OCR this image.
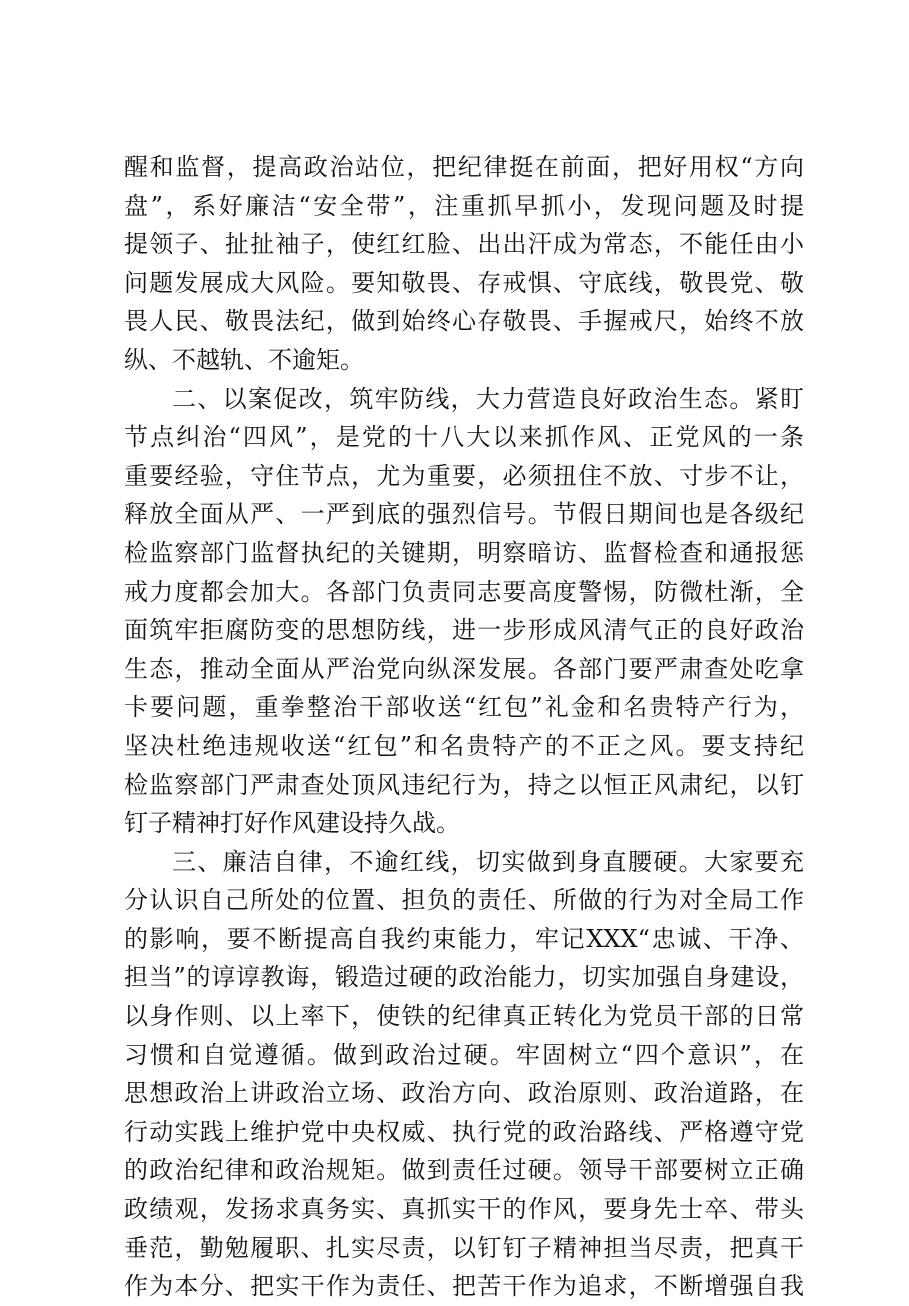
醒和监督，提高政治站位，把纪律挺在前面，把好用权“方向
盘”，系好廉洁“安全带”，注重抓早抓小，发现问题及时提
提领子、扯扯袖子，使红红脸、出出汗成为常态，不能任由小
问题发展成大风险。要知敬畏、存戒惧、守底线，敬畏党、敬
畏人民、敬畏法纪，做到始终心存敬畏、手握戒尺，始终不放
纵、不越轨、不逾矩。
二、以案促改，筑牢防线，大力营造良好政治生态。紧盯
节点纠治“四风”，是党的十八大以来抓作风、正党风的一条
重要经验，守住节点，尤为重要，必须扭住不放、寸步不让，
释放全面从严、一严到底的强烈信号。节假日期间也是各级纪
检监察部门监督执纪的关键期，明察暗访、监督检查和通报惩
戒力度都会加大。各部门负责同志要高度警惕，防微杜渐，全
面筑牢拒腐防变的思想防线，进一步形成风清气正的良好政治
生态，推动全面从严治党向纵深发展。各部门要严肃查处吃拿
卡要问题，重拳整治干部收送“红包”礼金和名贵特产行为，
坚决杜绝违规收送“红包”和名贵特产的不正之风。要支持纪
检监察部门严肃查处顶风违纪行为，持之以恒正风肃纪，以钉
钉子精神打好作风建设持久战。
三、廉洁自律，不逾红线，切实做到身直腰硬。大家要充
分认识自己所处的位置、担负的责任、所做的行为对全局工作
的影响，要不断提高自我约束能力，牢记XXX“忠诚、干净、
担当”的谆谆教诲，锻造过硬的政治能力，切实加强自身建设，
以身作则、以上率下，使铁的纪律真正转化为党员干部的日常
习惯和自觉遵循。做到政治过硬。牢固树立“四个意识”，在
思想政治上讲政治立场、政治方向、政治原则、政治道路，在
行动实践上维护党中央权威、执行党的政治路线、严格遵守党
的政治纪律和政治规矩。做到责任过硬。领导干部要树立正确
政绩观，发扬求真务实、真抓实干的作风，要身先士卒、带头
垂范，勤勉履职、扎实尽责，以钉钉子精神担当尽责，把真干
作为本分、把实干作为责任、把苦干作为追求，不断增强自我
